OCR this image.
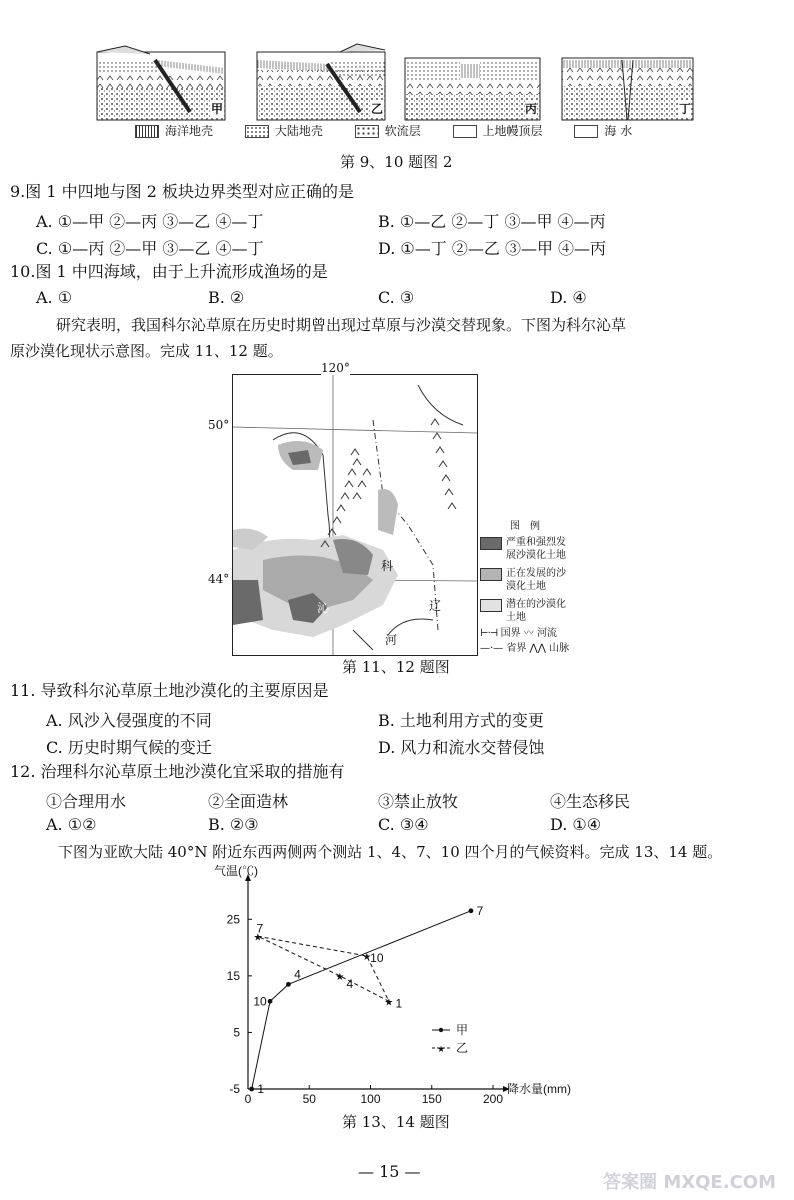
甲	乙	丙	丁
海洋地壳	大陆地壳	软流层	上地幔顶层	海 水
第 9、10 题图 2
9.图 1 中四地与图 2 板块边界类型对应正确的是
A. ①—甲 ②—丙 ③—乙 ④—丁	B. ①—乙 ②—丁 ③—甲 ④—丙
C. ①—丙 ②—甲 ③—乙 ④—丁	D. ①—丁 ②—乙 ③—甲 ④—丙
10.图 1 中四海域，由于上升流形成渔场的是
A. ①	B. ②	C. ③	D. ④
研究表明，我国科尔沁草原在历史时期曾出现过草原与沙漠交替现象。下图为科尔沁草
原沙漠化现状示意图。完成 11、12 题。
120°
科
沁	辽
河
50°
44°
图　例
严重和强烈发
展沙漠化土地
正在发展的沙
漠化土地
潜在的沙漠化
土地
⊢·⊣ 国界 〰 河流
—·— 省界 ⋀⋀ 山脉
第 11、12 题图
11. 导致科尔沁草原土地沙漠化的主要原因是
A. 风沙入侵强度的不同	B. 土地利用方式的变更
C. 历史时期气候的变迁	D. 风力和流水交替侵蚀
12. 治理科尔沁草原土地沙漠化宜采取的措施有
①合理用水	②全面造林	③禁止放牧	④生态移民
A. ①②	B. ②③	C. ③④	D. ①④
下图为亚欧大陆 40°N 附近东西两侧两个测站 1、4、7、10 四个月的气候资料。完成 13、14 题。
气温(℃)
降水量(mm)
0	50	100	150	200
-5
5
15
25
1
10
4
7
★
7
★
10
★ 1
★ 4
甲
★ 乙
第 13、14 题图
— 15 —
答案圈 MXQE.COM
